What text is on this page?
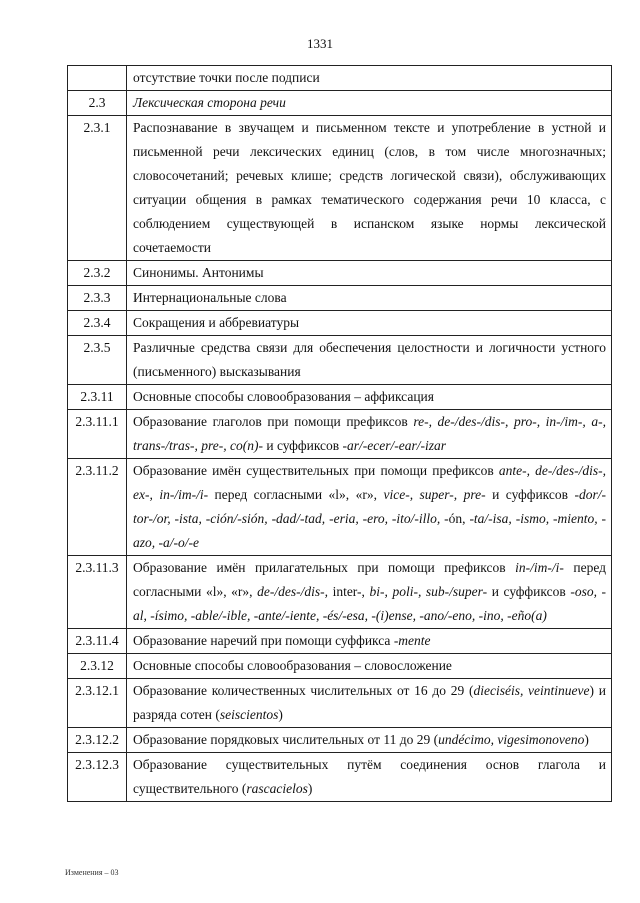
1331
	отсутствие точки после подписи
2.3	Лексическая сторона речи
2.3.1	Распознавание в звучащем и письменном тексте и употребление в устной и письменной речи лексических единиц (слов, в том числе многозначных; словосочетаний; речевых клише; средств логической связи), обслуживающих ситуации общения в рамках тематического содержания речи 10 класса, с соблюдением существующей в испанском языке нормы лексической сочетаемости
2.3.2	Синонимы. Антонимы
2.3.3	Интернациональные слова
2.3.4	Сокращения и аббревиатуры
2.3.5	Различные средства связи для обеспечения целостности и логичности устного (письменного) высказывания
2.3.11	Основные способы словообразования – аффиксация
2.3.11.1	Образование глаголов при помощи префиксов re-, de-/des-/dis-, pro-, in-/im-, a-, trans-/tras-, pre-, co(n)- и суффиксов -ar/-ecer/-ear/-izar
2.3.11.2	Образование имён существительных при помощи префиксов ante-, de-/des-/dis-, ex-, in-/im-/i- перед согласными «l», «r», vice-, super-, pre- и суффиксов -dor/-tor-/or, -ista, -ción/-sión, -dad/-tad, -eria, -ero, -ito/-illo, -ón, -ta/-isa, -ismo, -miento, -azo, -a/-o/-e
2.3.11.3	Образование имён прилагательных при помощи префиксов in-/im-/i- перед согласными «l», «r», de-/des-/dis-, inter-, bi-, poli-, sub-/super- и суффиксов -oso, -al, -ísimo, -able/-ible, -ante/-iente, -és/-esa, -(i)ense, -ano/-eno, -ino, -eño(a)
2.3.11.4	Образование наречий при помощи суффикса -mente
2.3.12	Основные способы словообразования – словосложение
2.3.12.1	Образование количественных числительных от 16 до 29 (dieciséis, veintinueve) и разряда сотен (seiscientos)
2.3.12.2	Образование порядковых числительных от 11 до 29 (undécimo, vigesimonoveno)
2.3.12.3	Образование существительных путём соединения основ глагола и существительного (rascacielos)
Изменения – 03
